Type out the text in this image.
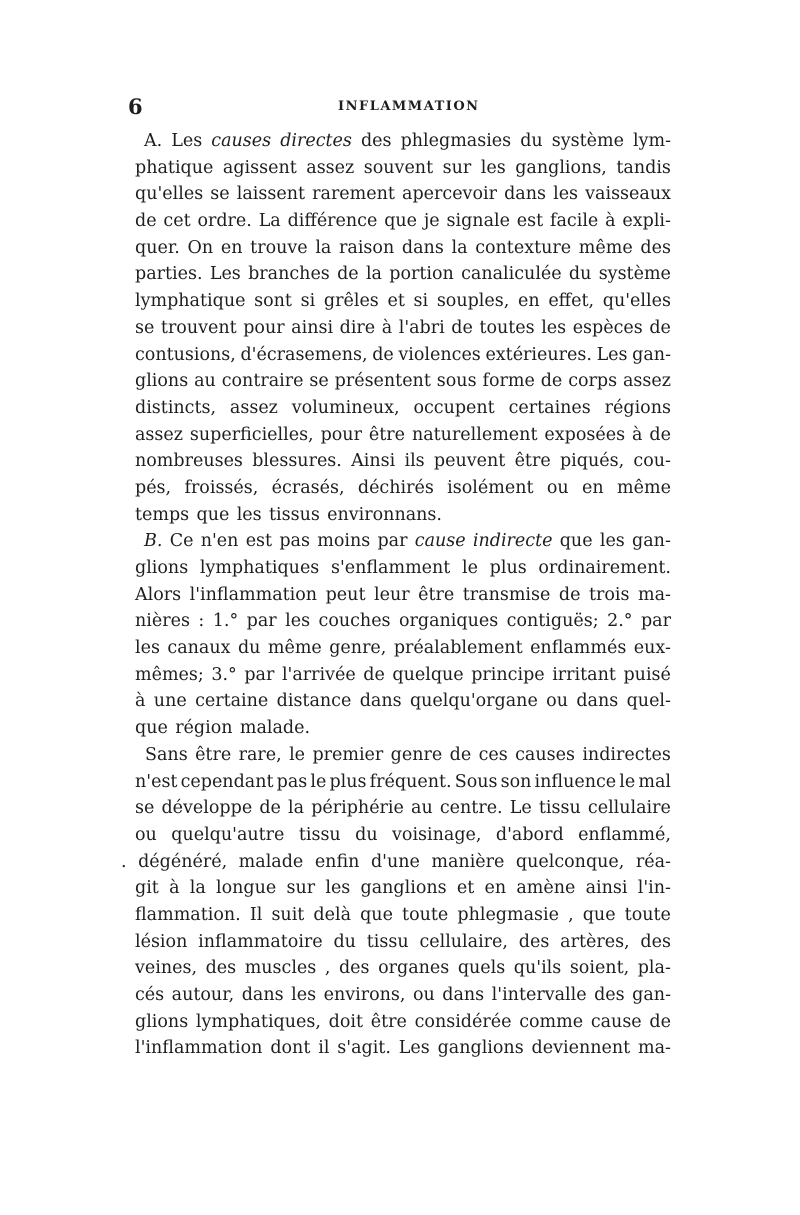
6	INFLAMMATION
A. Les causes directes des phlegmasies du système lym-
phatique agissent assez souvent sur les ganglions, tandis
qu'elles se laissent rarement apercevoir dans les vaisseaux
de cet ordre. La différence que je signale est facile à expli-
quer. On en trouve la raison dans la contexture même des
parties. Les branches de la portion canaliculée du système
lymphatique sont si grêles et si souples, en effet, qu'elles
se trouvent pour ainsi dire à l'abri de toutes les espèces de
contusions, d'écrasemens, de violences extérieures. Les gan-
glions au contraire se présentent sous forme de corps assez
distincts, assez volumineux, occupent certaines régions
assez superficielles, pour être naturellement exposées à de
nombreuses blessures. Ainsi ils peuvent être piqués, cou-
pés, froissés, écrasés, déchirés isolément ou en même
temps que les tissus environnans.
B. Ce n'en est pas moins par cause indirecte que les gan-
glions lymphatiques s'enflamment le plus ordinairement.
Alors l'inflammation peut leur être transmise de trois ma-
nières : 1.° par les couches organiques contiguës; 2.° par
les canaux du même genre, préalablement enflammés eux-
mêmes; 3.° par l'arrivée de quelque principe irritant puisé
à une certaine distance dans quelqu'organe ou dans quel-
que région malade.
Sans être rare, le premier genre de ces causes indirectes
n'est cependant pas le plus fréquent. Sous son influence le mal
se développe de la périphérie au centre. Le tissu cellulaire
ou quelqu'autre tissu du voisinage, d'abord enflammé,
. dégénéré, malade enfin d'une manière quelconque, réa-
git à la longue sur les ganglions et en amène ainsi l'in-
flammation. Il suit delà que toute phlegmasie , que toute
lésion inflammatoire du tissu cellulaire, des artères, des
veines, des muscles , des organes quels qu'ils soient, pla-
cés autour, dans les environs, ou dans l'intervalle des gan-
glions lymphatiques, doit être considérée comme cause de
l'inflammation dont il s'agit. Les ganglions deviennent ma-
